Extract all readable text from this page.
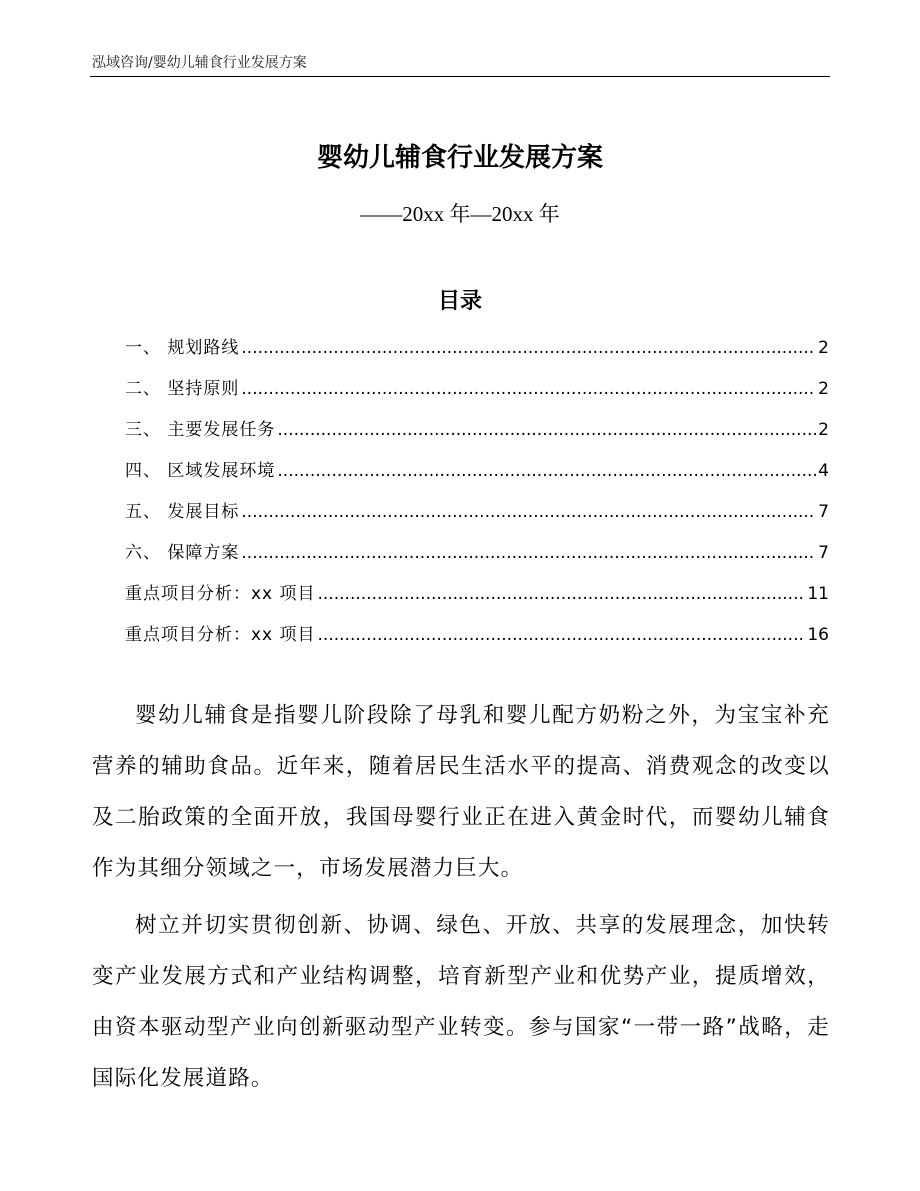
泓域咨询/婴幼儿辅食行业发展方案
婴幼儿辅食行业发展方案
——20xx 年—20xx 年
目录
一、 规划路线 .....	2
二、 坚持原则 .....	2
三、 主要发展任务 .....	2
四、 区域发展环境 .....	4
五、 发展目标 .....	7
六、 保障方案 .....	7
重点项目分析：xx 项目 .....	11
重点项目分析：xx 项目 .....	16

婴幼儿辅食是指婴儿阶段除了母乳和婴儿配方奶粉之外，为宝宝补充营养的辅助食品。近年来，随着居民生活水平的提高、消费观念的改变以及二胎政策的全面开放，我国母婴行业正在进入黄金时代，而婴幼儿辅食作为其细分领域之一，市场发展潜力巨大。

树立并切实贯彻创新、协调、绿色、开放、共享的发展理念，加快转变产业发展方式和产业结构调整，培育新型产业和优势产业，提质增效，由资本驱动型产业向创新驱动型产业转变。参与国家“一带一路”战略，走国际化发展道路。
